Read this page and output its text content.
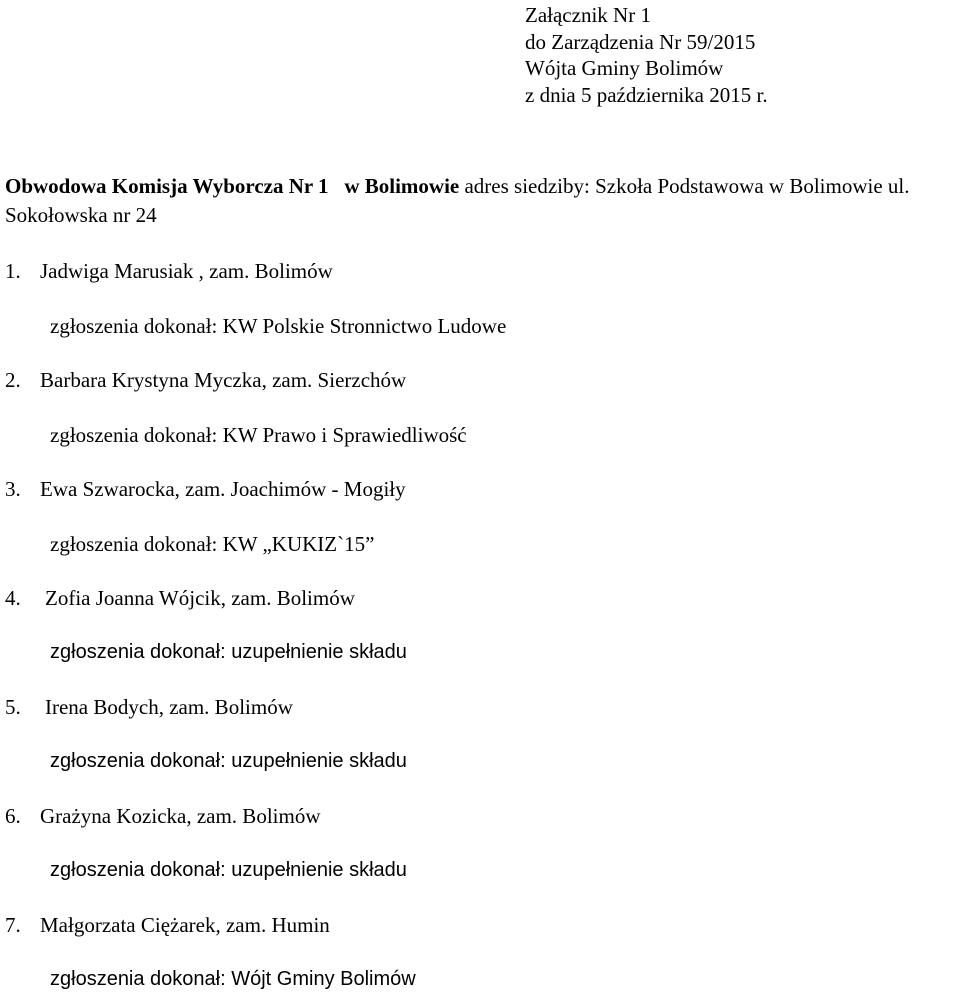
Załącznik Nr 1
do Zarządzenia Nr 59/2015
Wójta Gminy Bolimów
z dnia 5 października 2015 r.
Obwodowa Komisja Wyborcza Nr 1 w Bolimowie adres siedziby: Szkoła Podstawowa w Bolimowie ul. Sokołowska nr 24
1. Jadwiga Marusiak , zam. Bolimów
zgłoszenia dokonał: KW Polskie Stronnictwo Ludowe
2. Barbara Krystyna Myczka, zam. Sierzchów
zgłoszenia dokonał: KW Prawo i Sprawiedliwość
3. Ewa Szwarocka, zam. Joachimów - Mogiły
zgłoszenia dokonał: KW „KUKIZ`15”
4. Zofia Joanna Wójcik, zam. Bolimów
zgłoszenia dokonał: uzupełnienie składu
5. Irena Bodych, zam. Bolimów
zgłoszenia dokonał: uzupełnienie składu
6. Grażyna Kozicka, zam. Bolimów
zgłoszenia dokonał: uzupełnienie składu
7. Małgorzata Ciężarek, zam. Humin
zgłoszenia dokonał: Wójt Gminy Bolimów
